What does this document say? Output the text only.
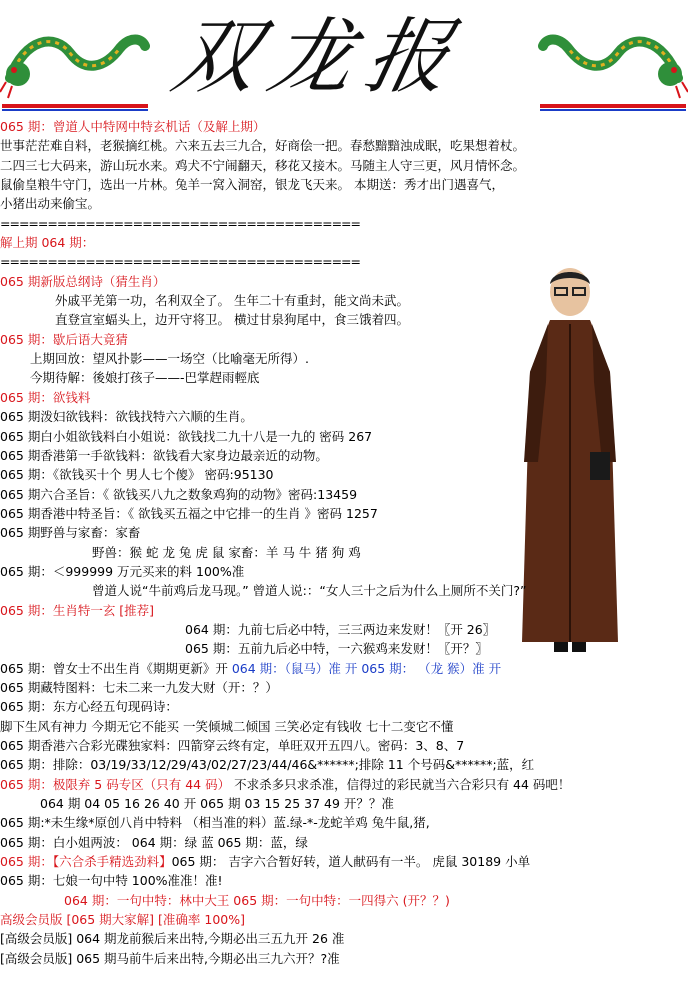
双龙报
065 期：曾道人中特网中特玄机话（及解上期）
世事茫茫难自料，老猴摘红桃。六来五去三九合，好商侩一把。春愁黯黯浊成眠，吃果想着杖。
二四三七大码来，游山玩水来。鸡犬不宁闹翻天，移花又接木。马随主人守三更，风月情怀念。
鼠偷皇粮牛守门，选出一片林。兔羊一窝入洞窑，银龙飞天来。 本期送：秀才出门遇喜气，
小猪出动来偷宝。
======================================
解上期 064 期：
======================================
065 期新版总纲诗（猜生肖）
外戚平羌第一功，名利双全了。 生年二十有重封，能文尚未武。
直登宣室蝠头上，边开守将卫。 横过甘泉狗尾中，食三饿着四。
065 期：歇后语大竟猜
上期回放：望风扑影——一场空（比喻毫无所得）.
今期待解：後娘打孩子——-巴掌趕雨輕底
065 期：欲钱料
065 期泼妇欲钱料：欲钱找特六六顺的生肖。
065 期白小姐欲钱料白小姐说：欲钱找二九十八是一九的 密码 267
065 期香港第一手欲钱料：欲钱看大家身边最亲近的动物。
065 期：《欲钱买十个 男人七个傻》 密码:95130
065 期六合圣旨：《 欲钱买八九之数象鸡狗的动物》密码:13459
065 期香港中特圣旨：《 欲钱买五福之中它排一的生肖 》密码 1257
065 期野兽与家畜：家畜
野兽：猴 蛇 龙 兔 虎 鼠 家畜：羊 马 牛 猪 狗 鸡
065 期：＜999999 万元买来的料 100%准
曾道人说“牛前鸡后龙马现。” 曾道人说:：“女人三十之后为什么上厕所不关门?”
065 期：生肖特一玄 [推荐]
064 期：九前七后必中特，三三两边来发财！〖开 26〗
065 期：五前九后必中特，一六猴鸡来发财！〖开？〗
065 期：曾女士不出生肖《期期更新》开 064 期：（鼠马）准 开 065 期： （龙 猴）准 开
065 期藏特图料：七未二来一九发大财（开：？）
065 期：东方心经五句现码诗：
脚下生风有神力 今期无它不能买 一笑倾城二倾国 三笑必定有钱收 七十二变它不懂
065 期香港六合彩光碟独家料：四箭穿云终有定，单旺双开五四八。密码：3、8、7
065 期：排除：03/19/33/12/29/43/02/27/23/44/46&******;排除 11 个号码&******;蓝，红
065 期：极限弃 5 码专区（只有 44 码） 不求杀多只求杀准，信得过的彩民就当六合彩只有 44 码吧！
064 期 04 05 16 26 40 开 065 期 03 15 25 37 49 开？？准
065 期:*未生缘*原创八肖中特料 （相当准的料）蓝.绿-*-龙蛇羊鸡 兔牛鼠,猪,
065 期：白小姐两波： 064 期：绿 蓝 065 期：蓝，绿
065 期：【六合杀手精选劲料】065 期： 吉字六合暂好转，道人献码有一半。 虎鼠 30189 小单
065 期：七娘一句中特 100%准准！准!
064 期：一句中特：林中大王 065 期：一句中特：一四得六 (开？？)
高级会员版 [065 期大家解] [准确率 100%]
[高级会员版] 064 期龙前猴后来出特,今期必出三五九开 26 准
[高级会员版] 065 期马前牛后来出特,今期必出三九六开？?准
